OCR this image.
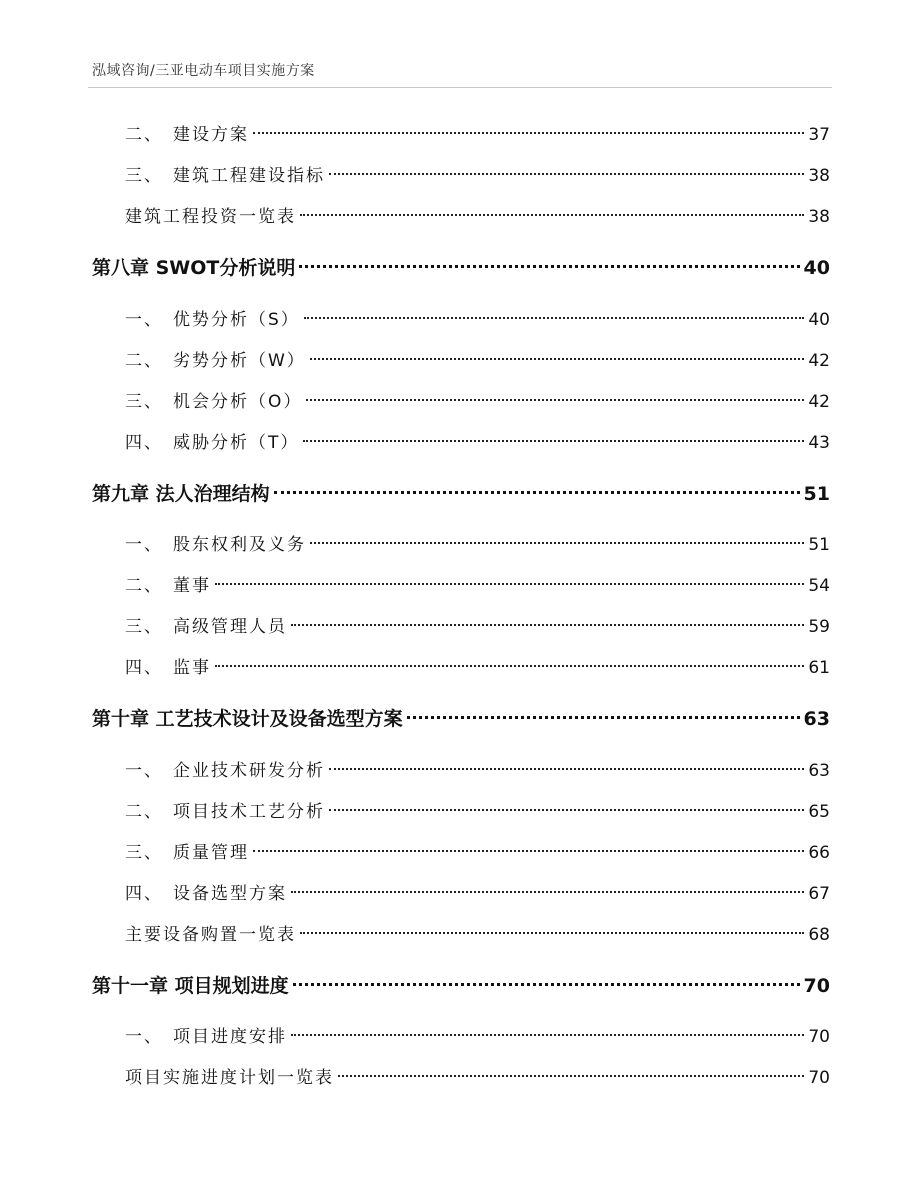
泓域咨询/三亚电动车项目实施方案
二、 建设方案	37
三、 建筑工程建设指标	38
建筑工程投资一览表	38
第八章 SWOT分析说明	40
一、 优势分析（S）	40
二、 劣势分析（W）	42
三、 机会分析（O）	42
四、 威胁分析（T）	43
第九章 法人治理结构	51
一、 股东权利及义务	51
二、 董事	54
三、 高级管理人员	59
四、 监事	61
第十章 工艺技术设计及设备选型方案	63
一、 企业技术研发分析	63
二、 项目技术工艺分析	65
三、 质量管理	66
四、 设备选型方案	67
主要设备购置一览表	68
第十一章 项目规划进度	70
一、 项目进度安排	70
项目实施进度计划一览表	70
